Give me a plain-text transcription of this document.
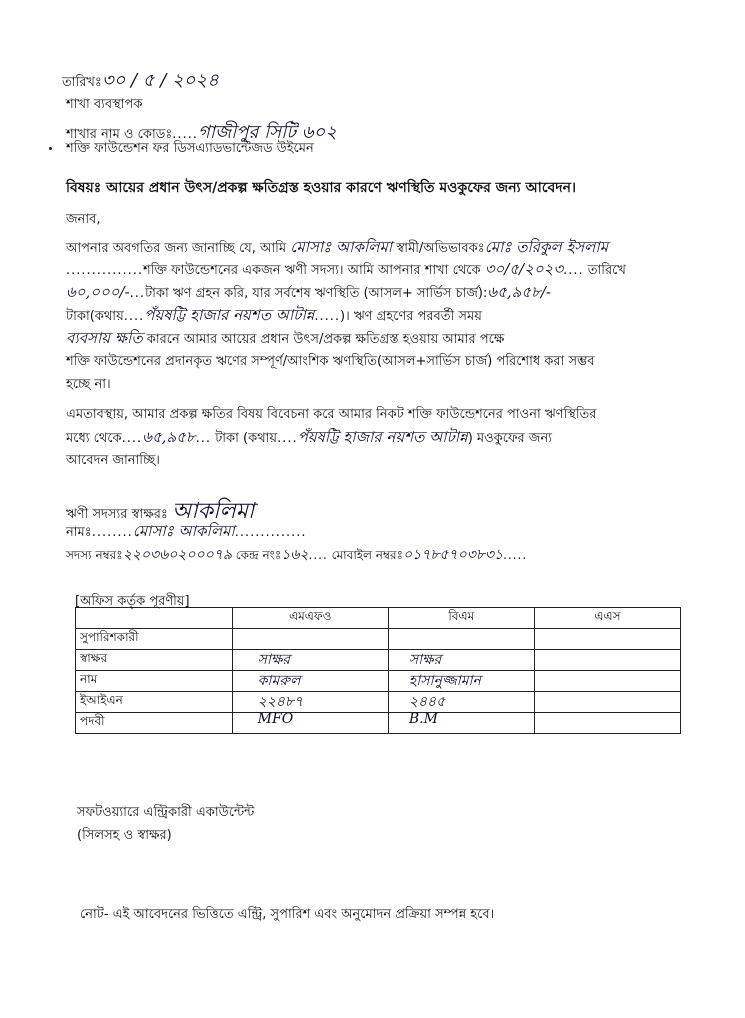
তারিখঃ৩০ / ৫ / ২০২৪
শাখা ব্যবস্থাপক
শাখার নাম ও কোডঃ.....গাজীপুর সিটি ৬০২
শক্তি ফাউন্ডেশন ফর ডিসএ্যাডভান্টেজড উইমেন
বিষয়ঃ আয়ের প্রধান উৎস/প্রকল্প ক্ষতিগ্রস্ত হওয়ার কারণে ঋণস্থিতি মওকুফের জন্য আবেদন।
জনাব,
আপনার অবগতির জন্য জানাচ্ছি যে, আমি মোসাঃ আকলিমা স্বামী/অভিভাবকঃমোঃ তরিকুল ইসলাম
...............শক্তি ফাউন্ডেশনের একজন ঋণী সদস্য। আমি আপনার শাখা থেকে ৩০/৫/২০২৩.... তারিখে
৬০,০০০/-...টাকা ঋণ গ্রহন করি, যার সর্বশেষ ঋণস্থিতি (আসল+ সার্ভিস চার্জ):৬৫,৯৫৮/-
টাকা(কথায়....পঁয়ষট্টি হাজার নয়শত আটান্ন.....)। ঋণ গ্রহণের পরবর্তী সময়
ব্যবসায় ক্ষতি কারনে আমার আয়ের প্রধান উৎস/প্রকল্প ক্ষতিগ্রস্ত হওয়ায় আমার পক্ষে
শক্তি ফাউন্ডেশনের প্রদানকৃত ঋণের সম্পূর্ণ/আংশিক ঋণস্থিতি(আসল+সার্ভিস চার্জ) পরিশোধ করা সম্ভব
হচ্ছে না।
এমতাবস্থায়, আমার প্রকল্প ক্ষতির বিষয় বিবেচনা করে আমার নিকট শক্তি ফাউন্ডেশনের পাওনা ঋণস্থিতির
মধ্যে থেকে....৬৫,৯৫৮... টাকা (কথায়....পঁয়ষট্টি হাজার নয়শত আটান্ন) মওকুফের জন্য
আবেদন জানাচ্ছি।
ঋণী সদস্যর স্বাক্ষরঃ আকলিমা
নামঃ........মোসাঃ আকলিমা..............
সদস্য নম্বরঃ২২০৩৬০২০০০৭৯ কেন্দ্র নংঃ১৬২.... মোবাইল নম্বরঃ০১৭৮৫৭০৩৮৩১.....
[অফিস কর্তৃক পূরণীয়]
	এমএফও	বিএম	এএস
সুপারিশকারী	

স্বাক্ষর	সাক্ষর	সাক্ষর	

নাম	কামরুল	হাসানুজ্জামান	

ইআইএন	২২৪৮৭	২৪৪৫	

পদবী	MFO	B.M	

সফটওয়্যারে এন্ট্রিকারী একাউন্টেন্ট
(সিলসহ ও স্বাক্ষর)
নোট- এই আবেদনের ভিত্তিতে এন্ট্রি, সুপারিশ এবং অনুমোদন প্রক্রিয়া সম্পন্ন হবে।
